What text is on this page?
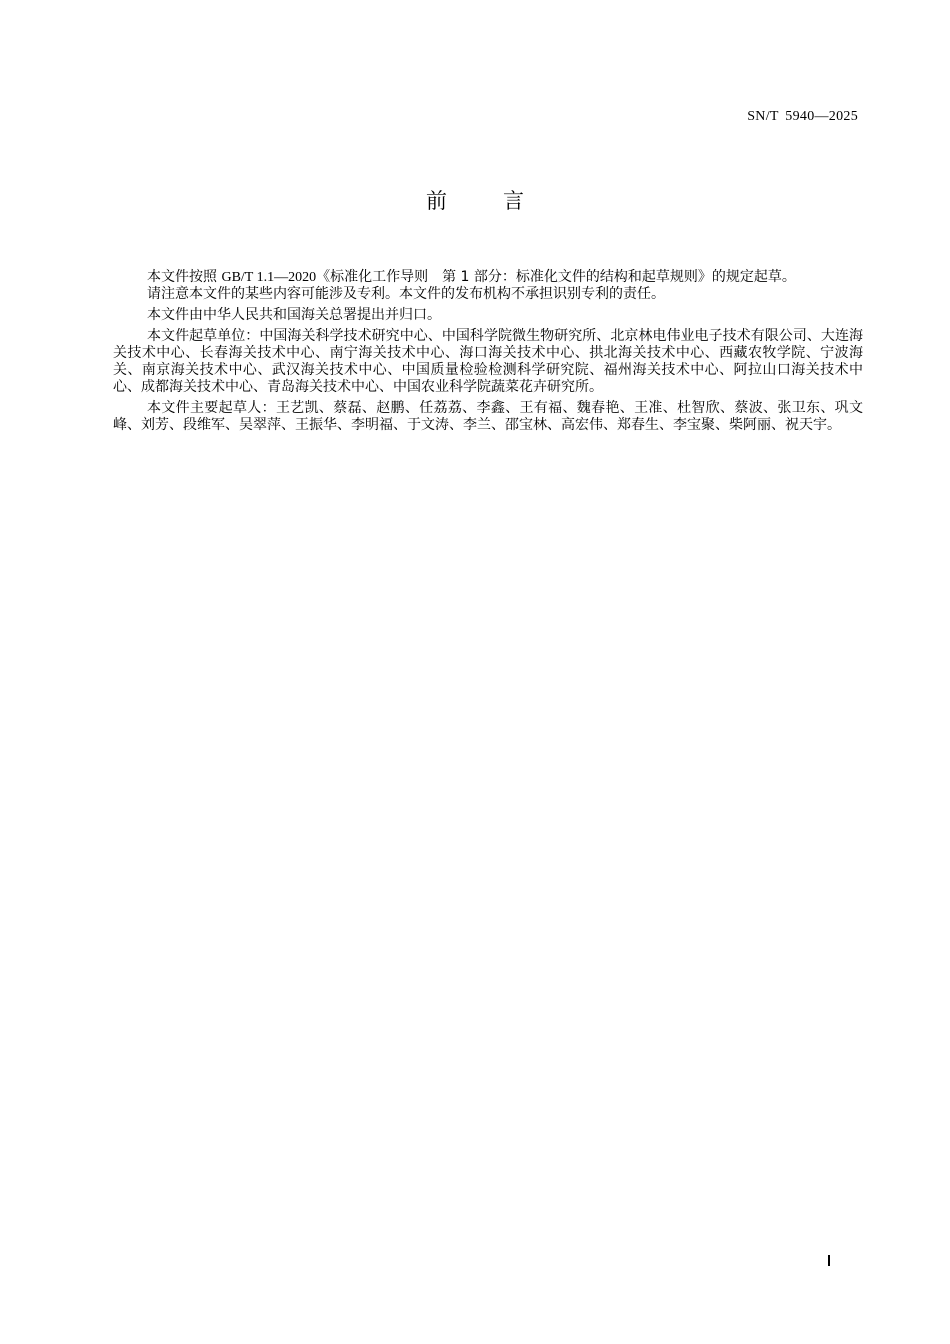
SN/T 5940—2025
前	言

本文件按照 GB/T 1.1—2020《标准化工作导则　第 1 部分：标准化文件的结构和起草规则》的规定起草。

请注意本文件的某些内容可能涉及专利。本文件的发布机构不承担识别专利的责任。

本文件由中华人民共和国海关总署提出并归口。

本文件起草单位：中国海关科学技术研究中心、中国科学院微生物研究所、北京林电伟业电子技术有限公司、大连海关技术中心、长春海关技术中心、南宁海关技术中心、海口海关技术中心、拱北海关技术中心、西藏农牧学院、宁波海关、南京海关技术中心、武汉海关技术中心、中国质量检验检测科学研究院、福州海关技术中心、阿拉山口海关技术中心、成都海关技术中心、青岛海关技术中心、中国农业科学院蔬菜花卉研究所。

本文件主要起草人：王艺凯、蔡磊、赵鹏、任荔荔、李鑫、王有福、魏春艳、王准、杜智欣、蔡波、张卫东、巩文峰、刘芳、段维军、吴翠萍、王振华、李明福、于文涛、李兰、邵宝林、高宏伟、郑春生、李宝聚、柴阿丽、祝天宇。
